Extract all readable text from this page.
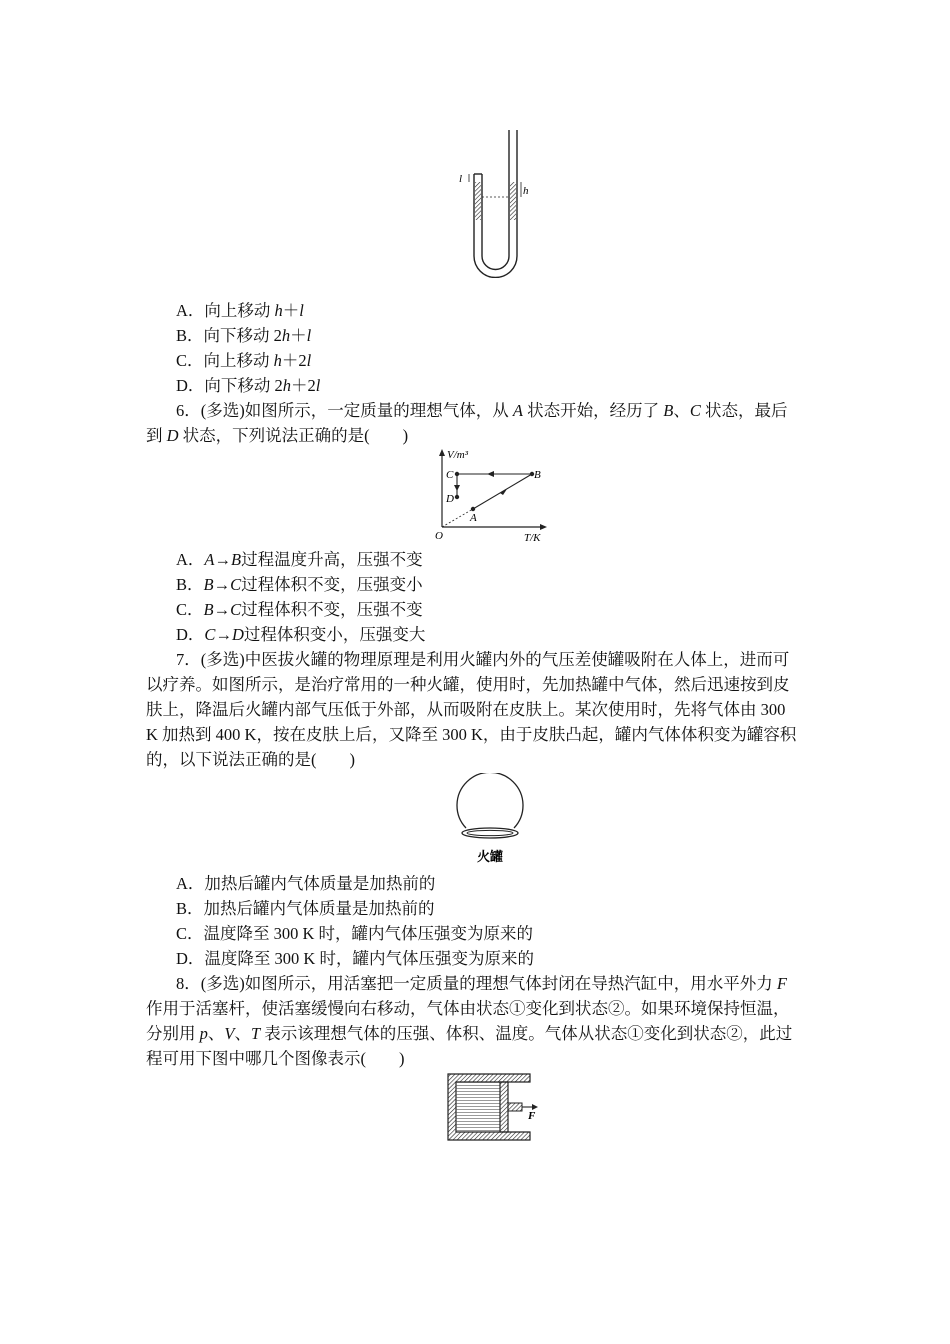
l
h
A．向上移动 h＋l
B．向下移动 2h＋l
C．向上移动 h＋2l
D．向下移动 2h＋2l
6．(多选)如图所示，一定质量的理想气体，从 A 状态开始，经历了 B、C 状态，最后
到 D 状态，下列说法正确的是(　　)
V/m³
T/K
O
A
B
C
D
A．A→B过程温度升高，压强不变
B．B→C过程体积不变，压强变小
C．B→C过程体积不变，压强不变
D．C→D过程体积变小，压强变大
7．(多选)中医拔火罐的物理原理是利用火罐内外的气压差使罐吸附在人体上，进而可
以疗养。如图所示，是治疗常用的一种火罐，使用时，先加热罐中气体，然后迅速按到皮
肤上，降温后火罐内部气压低于外部，从而吸附在皮肤上。某次使用时，先将气体由 300
K 加热到 400 K，按在皮肤上后，又降至 300 K，由于皮肤凸起，罐内气体体积变为罐容积
的，以下说法正确的是(　　)
火罐
A．加热后罐内气体质量是加热前的
B．加热后罐内气体质量是加热前的
C．温度降至 300 K 时，罐内气体压强变为原来的
D．温度降至 300 K 时，罐内气体压强变为原来的
8．(多选)如图所示，用活塞把一定质量的理想气体封闭在导热汽缸中，用水平外力 F
作用于活塞杆，使活塞缓慢向右移动，气体由状态①变化到状态②。如果环境保持恒温，
分别用 p、V、T 表示该理想气体的压强、体积、温度。气体从状态①变化到状态②，此过
程可用下图中哪几个图像表示(　　)
F
